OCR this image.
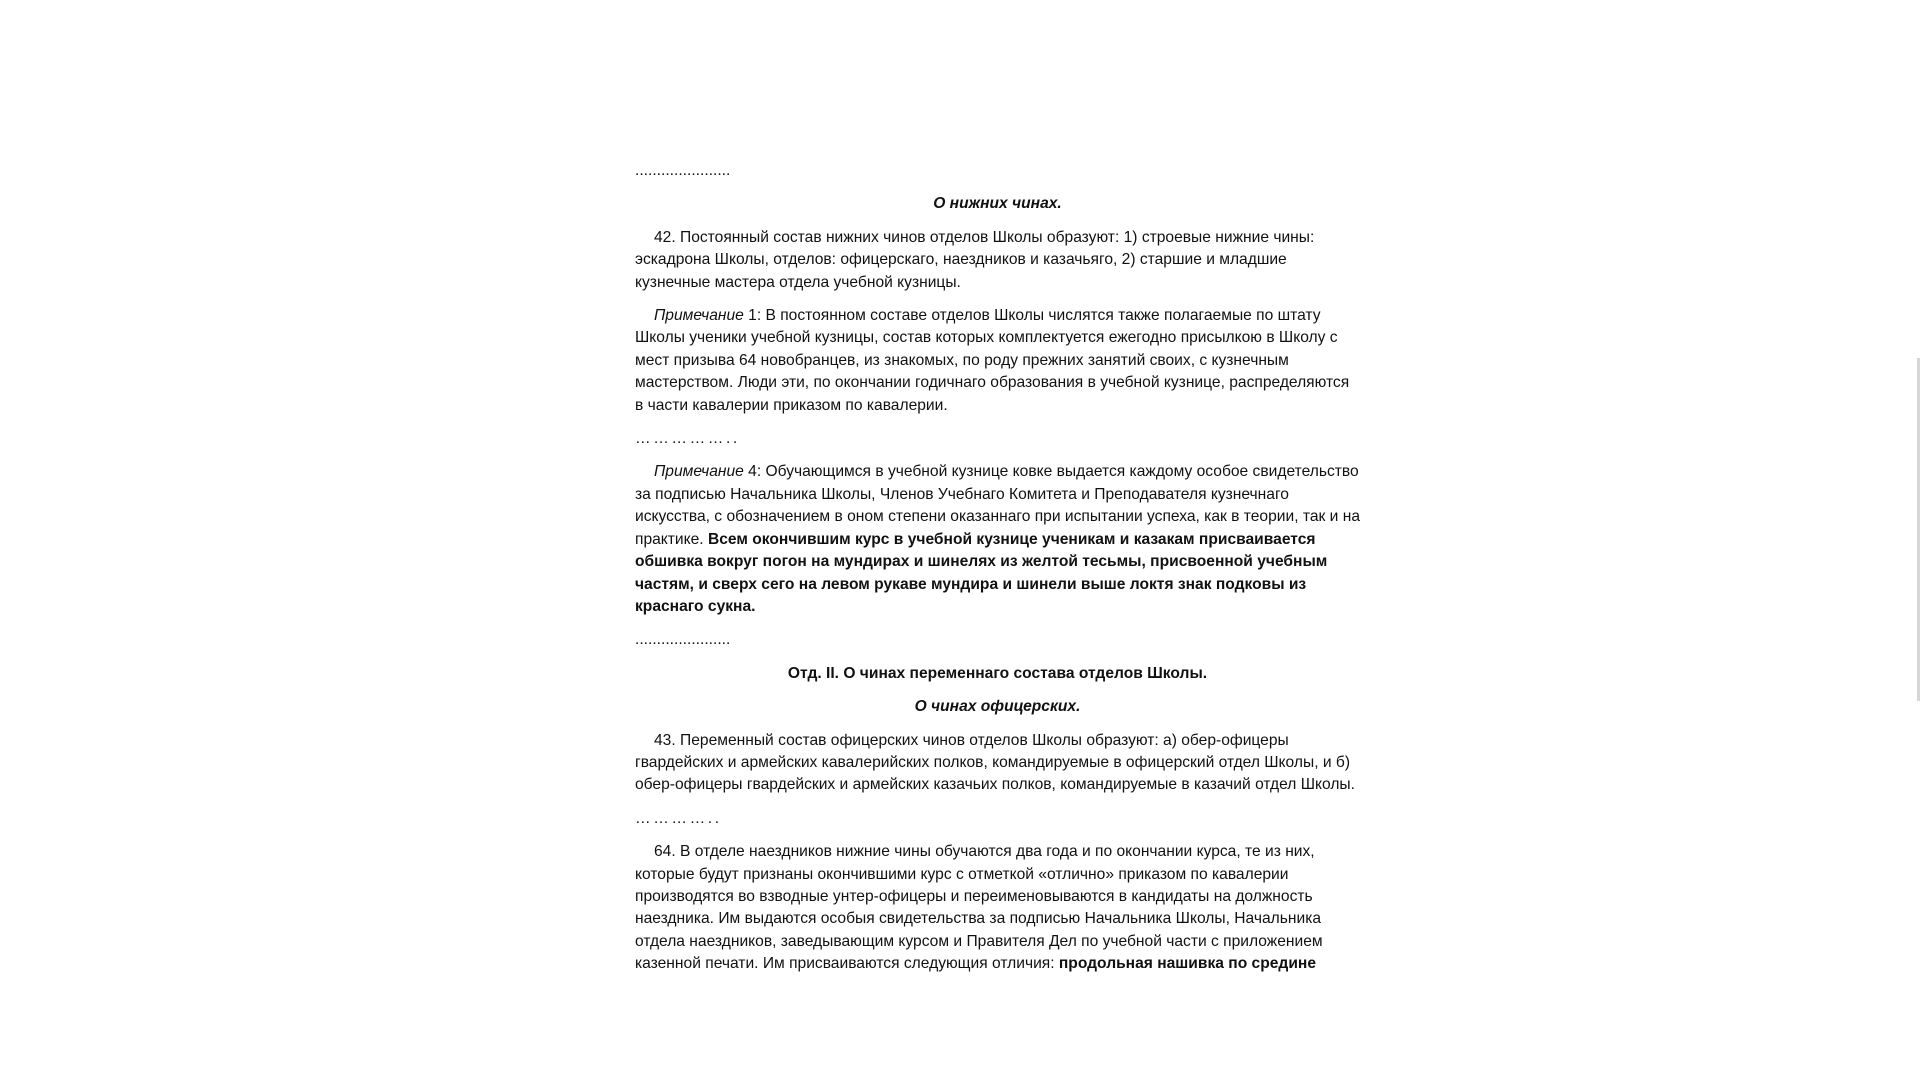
......................

О нижних чинах.

42. Постоянный состав нижних чинов отделов Школы образуют: 1) строевые нижние чины: эскадрона Школы, отделов: офицерскаго, наездников и казачьяго, 2) старшие и младшие кузнечные мастера отдела учебной кузницы.

Примечание 1: В постоянном составе отделов Школы числятся также полагаемые по штату Школы ученики учебной кузницы, состав которых комплектуется ежегодно присылкою в Школу с мест призыва 64 новобранцев, из знакомых, по роду прежних занятий своих, с кузнечным мастерством. Люди эти, по окончании годичнаго образования в учебной кузнице, распределяются в части кавалерии приказом по кавалерии.

……………..

Примечание 4: Обучающимся в учебной кузнице ковке выдается каждому особое свидетельство за подписью Начальника Школы, Членов Учебнаго Комитета и Преподавателя кузнечнаго искусства, с обозначением в оном степени оказаннаго при испытании успеха, как в теории, так и на практике. Всем окончившим курс в учебной кузнице ученикам и казакам присваивается обшивка вокруг погон на мундирах и шинелях из желтой тесьмы, присвоенной учебным частям, и сверх сего на левом рукаве мундира и шинели выше локтя знак подковы из краснаго сукна.

......................

Отд. II. О чинах переменнаго состава отделов Школы.

О чинах офицерских.

43. Переменный состав офицерских чинов отделов Школы образуют: а) обер-офицеры гвардейских и армейских кавалерийских полков, командируемые в офицерский отдел Школы, и б) обер-офицеры гвардейских и армейских казачьих полков, командируемые в казачий отдел Школы.

…………..

64. В отделе наездников нижние чины обучаются два года и по окончании курса, те из них, которые будут признаны окончившими курс с отметкой «отлично» приказом по кавалерии производятся во взводные унтер-офицеры и переименовываются в кандидаты на должность наездника. Им выдаются особыя свидетельства за подписью Начальника Школы, Начальника отдела наездников, заведывающим курсом и Правителя Дел по учебной части с приложением казенной печати. Им присваиваются следующия отличия: продольная нашивка по средине
